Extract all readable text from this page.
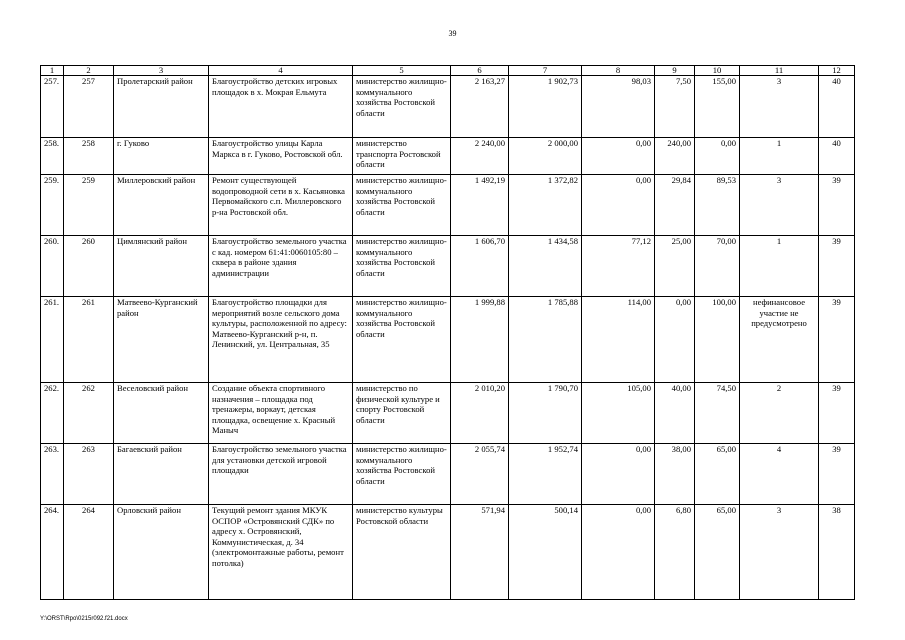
39
1	2	3	4	5	6	7	8	9	10	11	12
257.	257	Пролетарский район	Благоустройство детских игровых площадок в х. Мокрая Ельмута	министерство жилищно-коммунального хозяйства Ростовской области	2 163,27	1 902,73	98,03	7,50	155,00	3	40
258.	258	г. Гуково	Благоустройство улицы Карла Маркса в г. Гуково, Ростовской обл.	министерство транспорта Ростовской области	2 240,00	2 000,00	0,00	240,00	0,00	1	40
259.	259	Миллеровский район	Ремонт существующей водопроводной сети в х. Касьяновка Первомайского с.п. Миллеровского р-на Ростовской обл.	министерство жилищно-коммунального хозяйства Ростовской области	1 492,19	1 372,82	0,00	29,84	89,53	3	39
260.	260	Цимлянский район	Благоустройство земельного участка с кад. номером 61:41:0060105:80 – сквера в районе здания администрации	министерство жилищно-коммунального хозяйства Ростовской области	1 606,70	1 434,58	77,12	25,00	70,00	1	39
261.	261	Матвеево-Курганский район	Благоустройство площадки для мероприятий возле сельского дома культуры, расположенной по адресу: Матвеево-Курганский р-н, п. Ленинский, ул. Центральная, 35	министерство жилищно-коммунального хозяйства Ростовской области	1 999,88	1 785,88	114,00	0,00	100,00	нефинансовое участие не предусмотрено	39
262.	262	Веселовский район	Создание объекта спортивного назначения – площадка под тренажеры, воркаут, детская площадка, освещение х. Красный Маныч	министерство по физической культуре и спорту Ростовской области	2 010,20	1 790,70	105,00	40,00	74,50	2	39
263.	263	Багаевский район	Благоустройство земельного участка для установки детской игровой площадки	министерство жилищно-коммунального хозяйства Ростовской области	2 055,74	1 952,74	0,00	38,00	65,00	4	39
264.	264	Орловский район	Текущий ремонт здания МКУК ОСПОР «Островянский СДК» по адресу х. Островянский, Коммунистическая, д. 34 (электромонтажные работы, ремонт потолка)	министерство культуры Ростовской области	571,94	500,14	0,00	6,80	65,00	3	38
Y:\ORST\Rpo\0215r092.f21.docx
